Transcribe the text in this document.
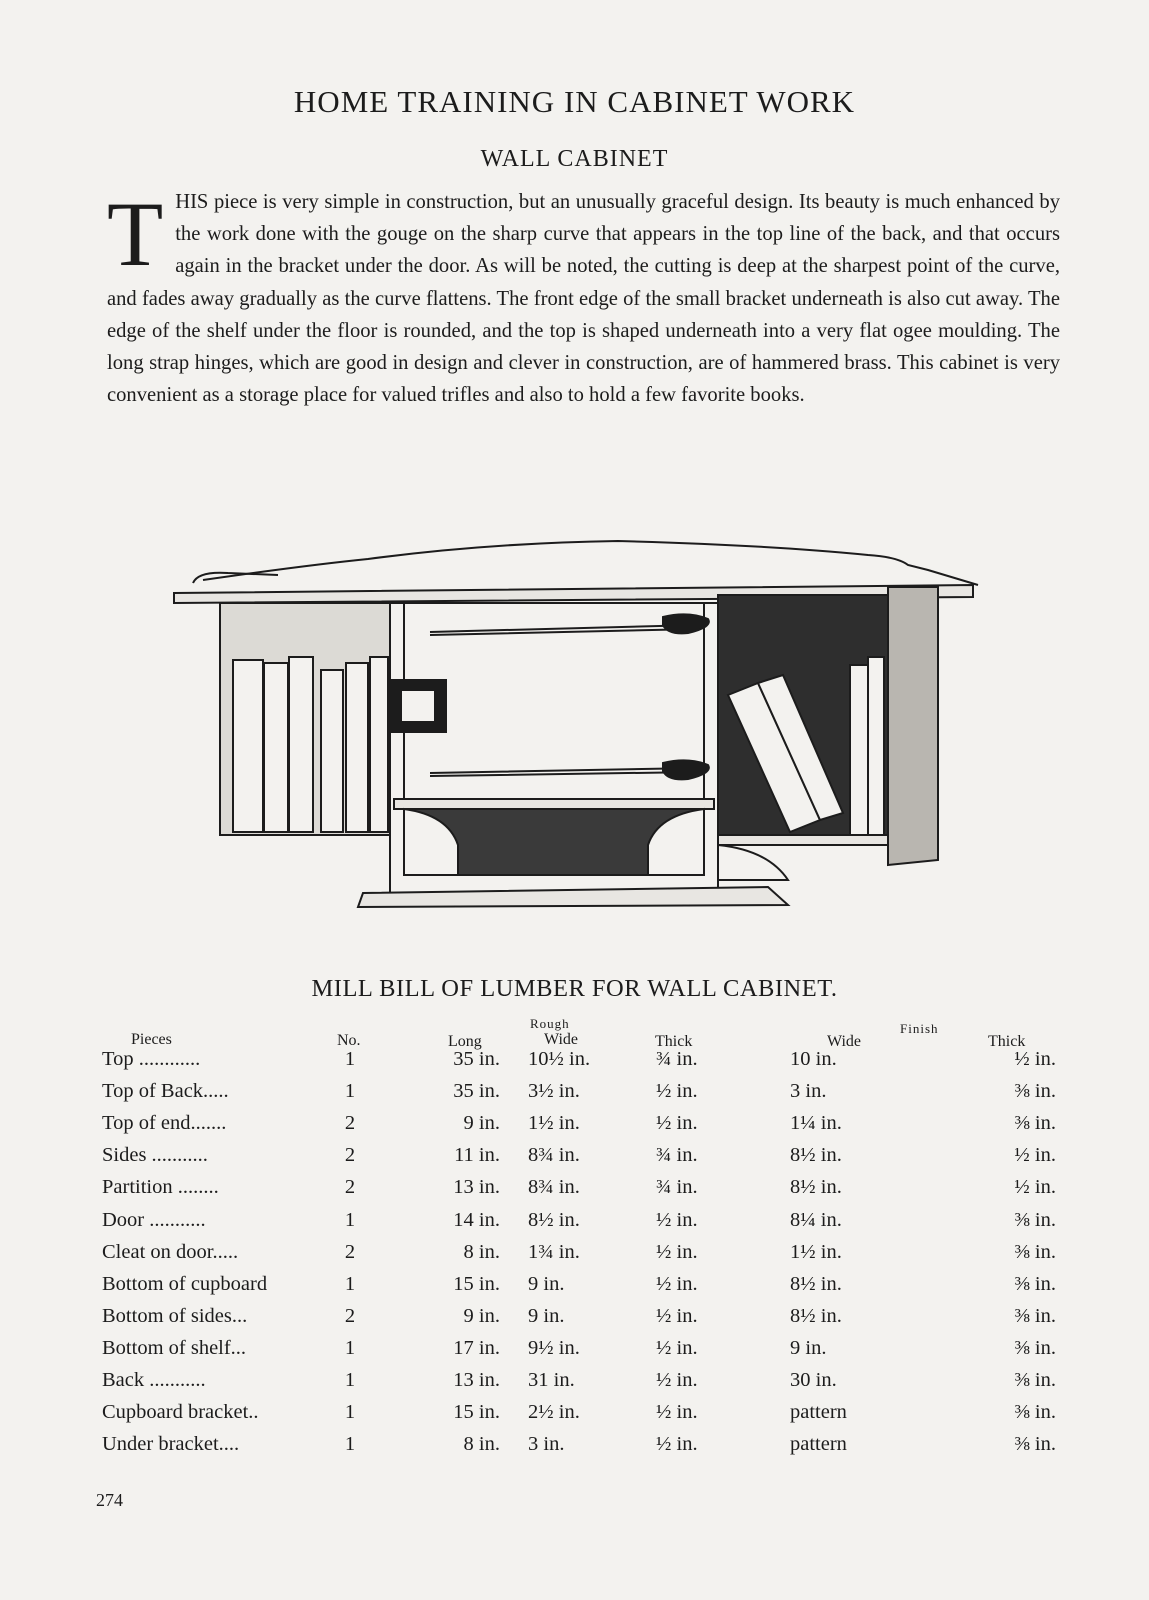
HOME TRAINING IN CABINET WORK
WALL CABINET
T HIS piece is very simple in construction, but an unusually graceful design. Its beauty is much enhanced by the work done with the gouge on the sharp curve that appears in the top line of the back, and that occurs again in the bracket under the door. As will be noted, the cutting is deep at the sharpest point of the curve, and fades away gradually as the curve flattens. The front edge of the small bracket underneath is also cut away. The edge of the shelf under the floor is rounded, and the top is shaped underneath into a very flat ogee moulding. The long strap hinges, which are good in design and clever in construction, are of hammered brass. This cabinet is very convenient as a storage place for valued trifles and also to hold a few favorite books.
MILL BILL OF LUMBER FOR WALL CABINET.
Pieces	No.
Rough	Finish
Long	Wide	Thick	Wide	Thick
Top ............	1	35 in. 10½ in.	¾ in.	10 in.	½ in.
Top of Back.....	1	35 in. 3½ in.	½ in.	3 in.	⅜ in.
Top of end.......	2	9 in. 1½ in.	½ in.	1¼ in.	⅜ in.
Sides ...........	2	11 in. 8¾ in.	¾ in.	8½ in.	½ in.
Partition ........	2	13 in. 8¾ in.	¾ in.	8½ in.	½ in.
Door ...........	1	14 in. 8½ in.	½ in.	8¼ in.	⅜ in.
Cleat on door.....	2	8 in. 1¾ in.	½ in.	1½ in.	⅜ in.
Bottom of cupboard	1	15 in. 9 in.	½ in.	8½ in.	⅜ in.
Bottom of sides...	2	9 in. 9 in.	½ in.	8½ in.	⅜ in.
Bottom of shelf...	1	17 in. 9½ in.	½ in.	9 in.	⅜ in.
Back ...........	1	13 in. 31 in.	½ in.	30 in.	⅜ in.
Cupboard bracket..	1	15 in. 2½ in.	½ in.	pattern	⅜ in.
Under bracket....	1	8 in. 3 in.	½ in.	pattern	⅜ in.
274
